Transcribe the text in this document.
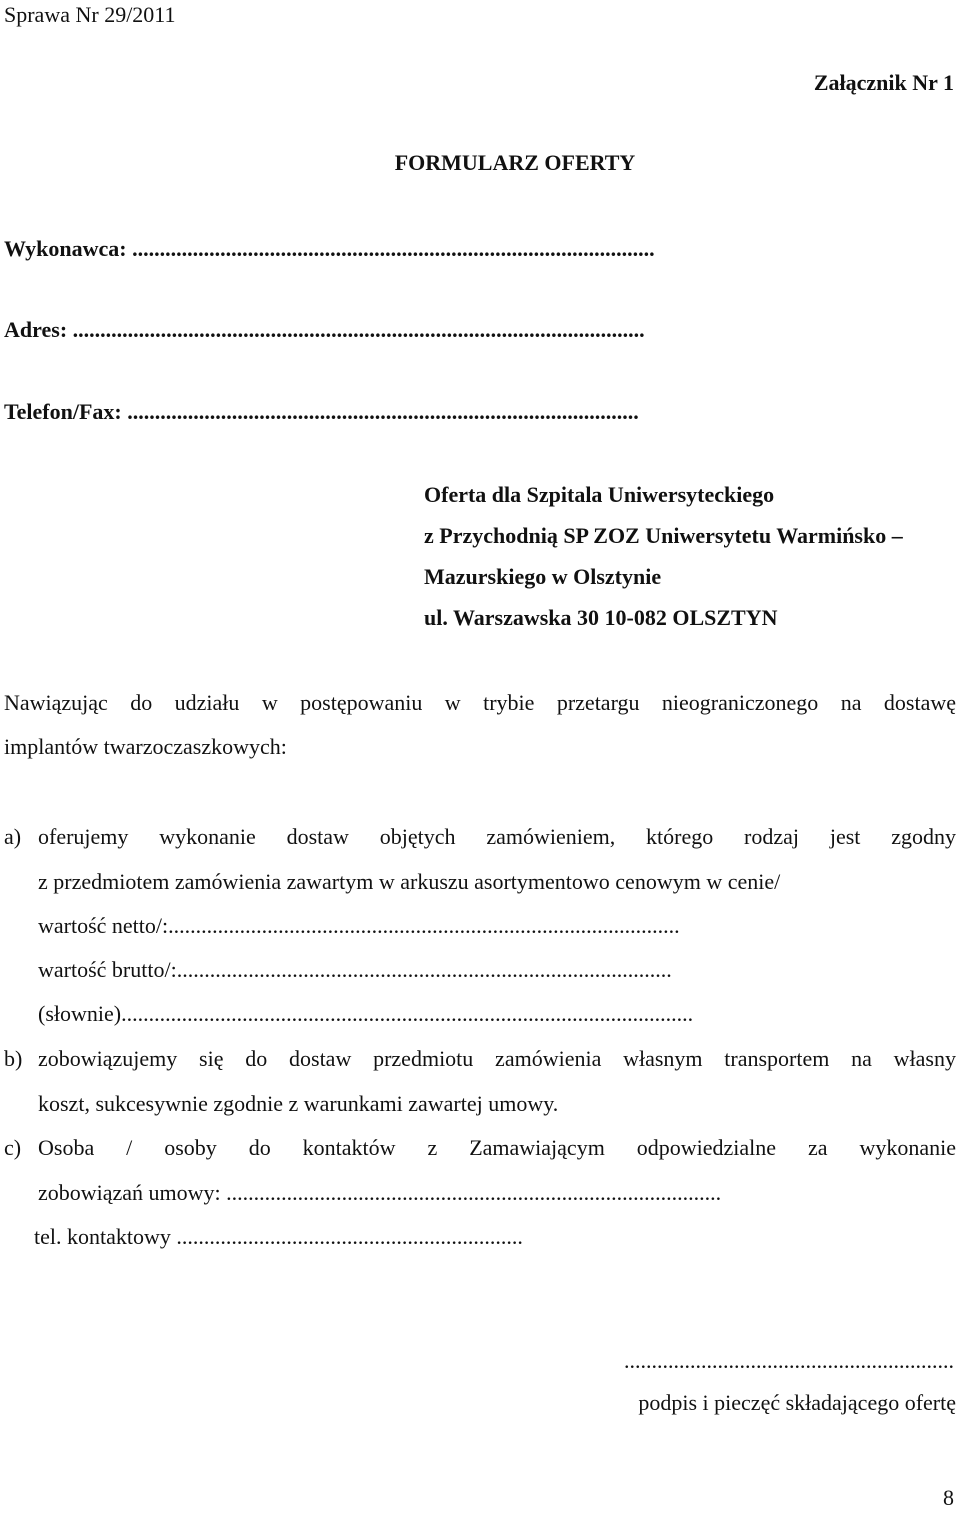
Sprawa Nr 29/2011
Załącznik Nr 1
FORMULARZ OFERTY
Wykonawca: ...............................................................................................
Adres: ........................................................................................................
Telefon/Fax: .............................................................................................
Oferta dla Szpitala Uniwersyteckiego
z Przychodnią SP ZOZ Uniwersytetu Warmińsko –
Mazurskiego w Olsztynie
ul. Warszawska 30 10-082 OLSZTYN
Nawiązując do udziału w postępowaniu w trybie przetargu nieograniczonego na dostawę
implantów twarzoczaszkowych:
a) oferujemy wykonanie dostaw objętych zamówieniem, którego rodzaj jest zgodny
z przedmiotem zamówienia zawartym w arkuszu asortymentowo cenowym w cenie/
wartość netto/:.............................................................................................
wartość brutto/:..........................................................................................
(słownie)........................................................................................................
b) zobowiązujemy się do dostaw przedmiotu zamówienia własnym transportem na własny
koszt, sukcesywnie zgodnie z warunkami zawartej umowy.
c) Osoba / osoby do kontaktów z Zamawiającym odpowiedzialne za wykonanie
zobowiązań umowy: ..........................................................................................
tel. kontaktowy ...............................................................
............................................................
podpis i pieczęć składającego ofertę
8
